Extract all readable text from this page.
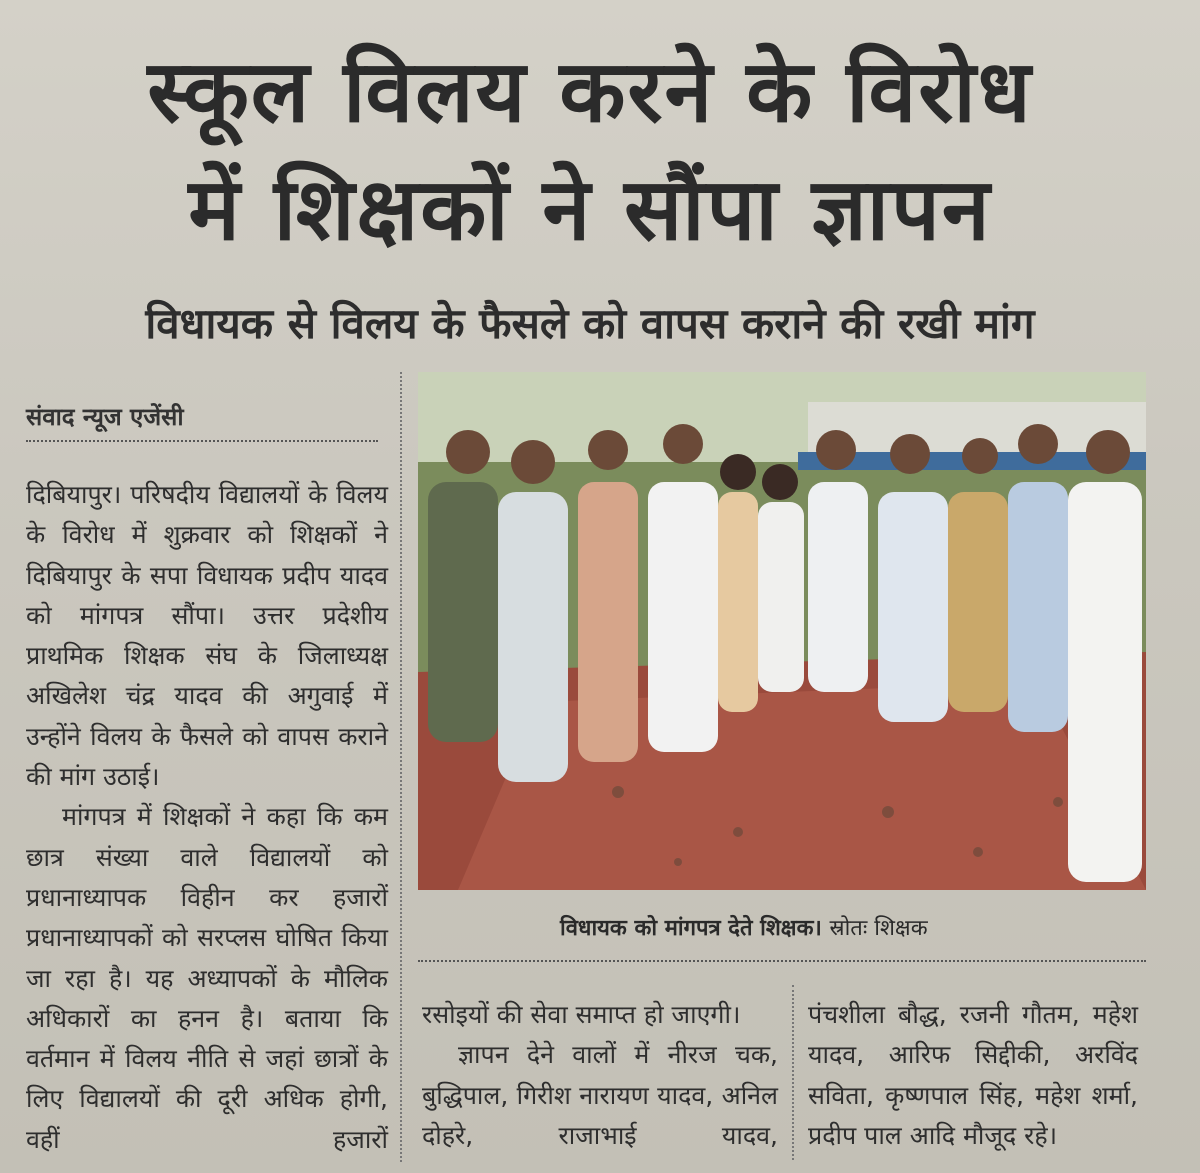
स्कूल विलय करने के विरोध
में शिक्षकों ने सौंपा ज्ञापन
विधायक से विलय के फैसले को वापस कराने की रखी मांग
संवाद न्यूज एजेंसी

दिबियापुर। परिषदीय विद्यालयों के विलय के विरोध में शुक्रवार को शिक्षकों ने दिबियापुर के सपा विधायक प्रदीप यादव को मांगपत्र सौंपा। उत्तर प्रदेशीय प्राथमिक शिक्षक संघ के जिलाध्यक्ष अखिलेश चंद्र यादव की अगुवाई में उन्होंने विलय के फैसले को वापस कराने की मांग उठाई।

मांगपत्र में शिक्षकों ने कहा कि कम छात्र संख्या वाले विद्यालयों को प्रधानाध्यापक विहीन कर हजारों प्रधानाध्यापकों को सरप्लस घोषित किया जा रहा है। यह अध्यापकों के मौलिक अधिकारों का हनन है। बताया कि वर्तमान में विलय नीति से जहां छात्रों के लिए विद्यालयों की दूरी अधिक होगी, वहीं हजारों

विधायक को मांगपत्र देते शिक्षक। स्रोतः शिक्षक

रसोइयों की सेवा समाप्त हो जाएगी।

ज्ञापन देने वालों में नीरज चक, बुद्धिपाल, गिरीश नारायण यादव, अनिल दोहरे, राजाभाई यादव,

पंचशीला बौद्ध, रजनी गौतम, महेश यादव, आरिफ सिद्दीकी, अरविंद सविता, कृष्णपाल सिंह, महेश शर्मा, प्रदीप पाल आदि मौजूद रहे।
